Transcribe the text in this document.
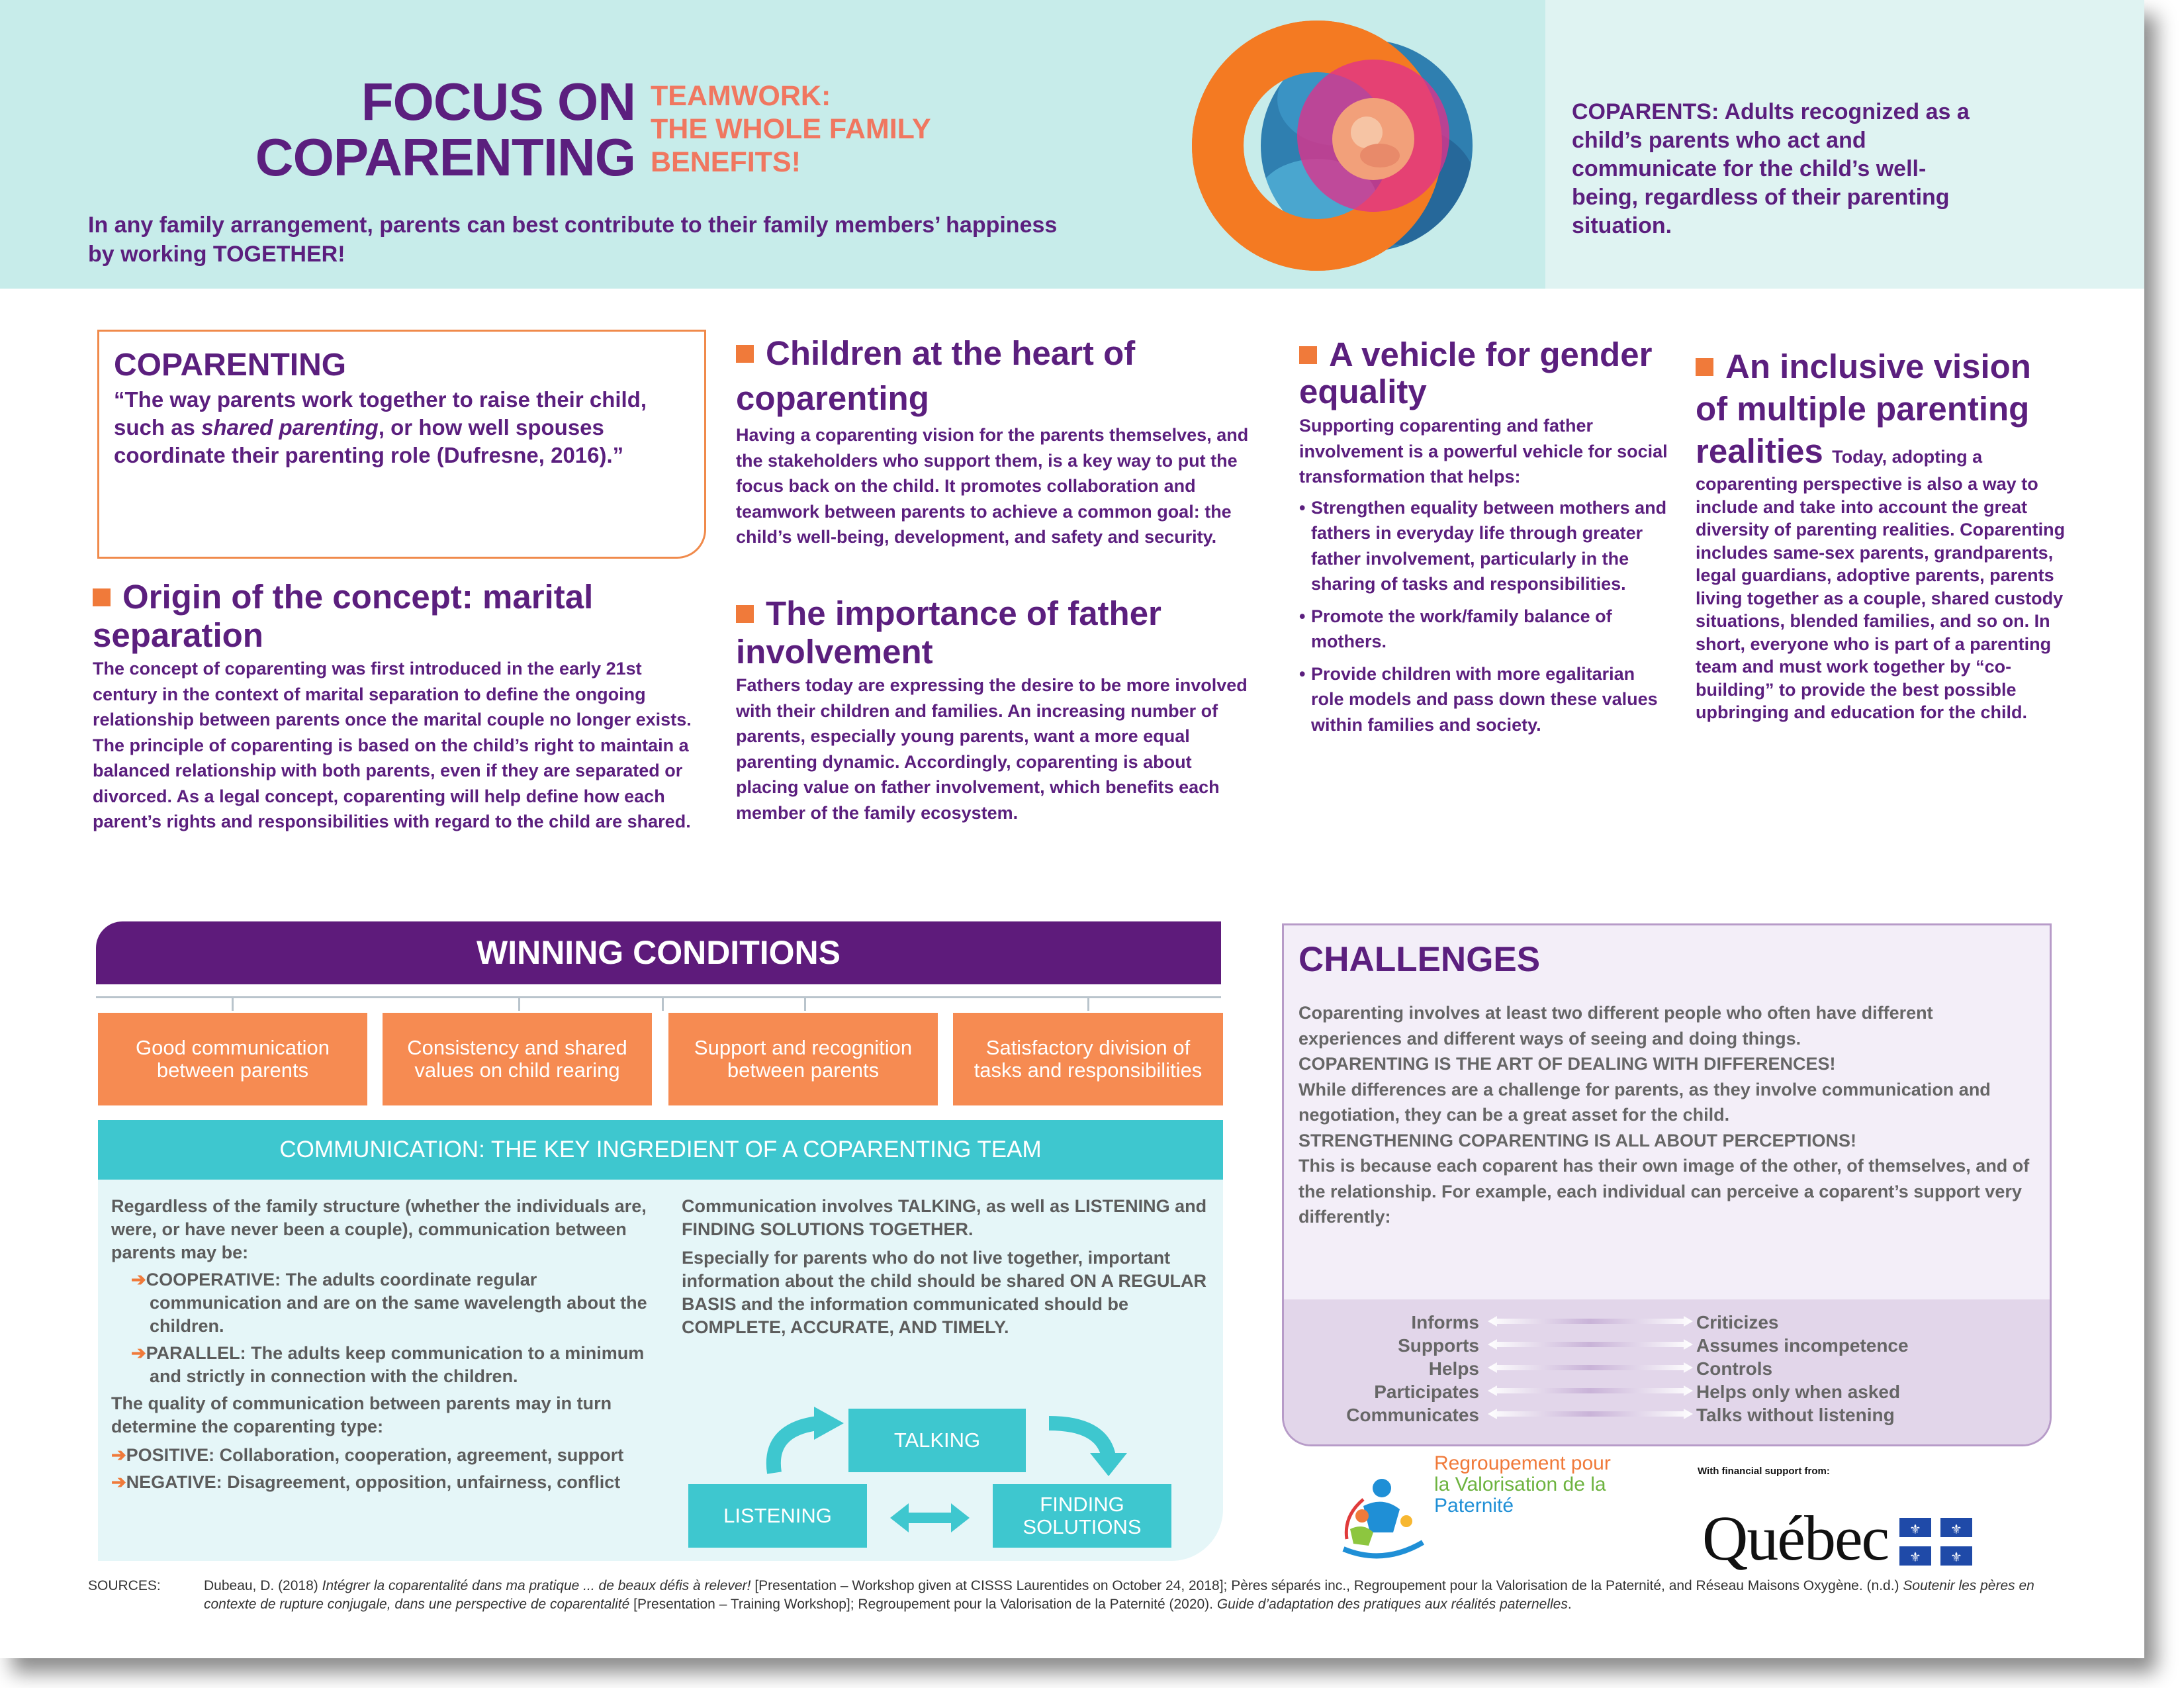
FOCUS ON
COPARENTING
TEAMWORK:
THE WHOLE FAMILY
BENEFITS!
In any family arrangement, parents can best contribute to their family members’ happiness by working TOGETHER!
COPARENTS: Adults recognized as a child’s parents who act and communicate for the child’s well-being, regardless of their parenting situation.
COPARENTING
“The way parents work together to raise their child, such as shared parenting, or how well spouses coordinate their parenting role (Dufresne, 2016).”
Origin of the concept: marital separation
The concept of coparenting was first introduced in the early 21st century in the context of marital separation to define the ongoing relationship between parents once the marital couple no longer exists. The principle of coparenting is based on the child’s right to maintain a balanced relationship with both parents, even if they are separated or divorced. As a legal concept, coparenting will help define how each parent’s rights and responsibilities with regard to the child are shared.
Children at the heart of coparenting
Having a coparenting vision for the parents themselves, and the stakeholders who support them, is a key way to put the focus back on the child. It promotes collaboration and teamwork between parents to achieve a common goal: the child’s well-being, development, and safety and security.
The importance of father involvement
Fathers today are expressing the desire to be more involved with their children and families. An increasing number of parents, especially young parents, want a more equal parenting dynamic. Accordingly, coparenting is about placing value on father involvement, which benefits each member of the family ecosystem.
A vehicle for gender equality
Supporting coparenting and father involvement is a powerful vehicle for social transformation that helps:
• Strengthen equality between mothers and fathers in everyday life through greater father involvement, particularly in the sharing of tasks and responsibilities.
• Promote the work/family balance of mothers.
• Provide children with more egalitarian role models and pass down these values within families and society.
An inclusive vision of multiple parenting realities Today, adopting a coparenting perspective is also a way to include and take into account the great diversity of parenting realities. Coparenting includes same-sex parents, grandparents, legal guardians, adoptive parents, parents living together as a couple, shared custody situations, blended families, and so on. In short, everyone who is part of a parenting team and must work together by “co-building” to provide the best possible upbringing and education for the child.
WINNING CONDITIONS
Good communication between parents
Consistency and shared values on child rearing
Support and recognition between parents
Satisfactory division of tasks and responsibilities
COMMUNICATION: THE KEY INGREDIENT OF A COPARENTING TEAM
Regardless of the family structure (whether the individuals are, were, or have never been a couple), communication between parents may be:
➔COOPERATIVE: The adults coordinate regular communication and are on the same wavelength about the children.
➔PARALLEL: The adults keep communication to a minimum and strictly in connection with the children.
The quality of communication between parents may in turn determine the coparenting type:
➔POSITIVE: Collaboration, cooperation, agreement, support
➔NEGATIVE: Disagreement, opposition, unfairness, conflict
Communication involves TALKING, as well as LISTENING and FINDING SOLUTIONS TOGETHER.
Especially for parents who do not live together, important information about the child should be shared ON A REGULAR BASIS and the information communicated should be COMPLETE, ACCURATE, AND TIMELY.
TALKING
LISTENING	FINDING SOLUTIONS
CHALLENGES
Coparenting involves at least two different people who often have different experiences and different ways of seeing and doing things.
COPARENTING IS THE ART OF DEALING WITH DIFFERENCES!
While differences are a challenge for parents, as they involve communication and negotiation, they can be a great asset for the child.
STRENGTHENING COPARENTING IS ALL ABOUT PERCEPTIONS!
This is because each coparent has their own image of the other, of themselves, and of the relationship. For example, each individual can perceive a coparent’s support very differently:
Informs
Supports
Helps
Participates
Communicates
Criticizes
Assumes incompetence
Controls
Helps only when asked
Talks without listening
Regroupement pour
la Valorisation de la
Paternité
With financial support from:
Québec ⚜ ⚜
⚜ ⚜
SOURCES:	Dubeau, D. (2018) Intégrer la coparentalité dans ma pratique ... de beaux défis à relever! [Presentation – Workshop given at CISSS Laurentides on October 24, 2018]; Pères séparés inc., Regroupement pour la Valorisation de la Paternité, and Réseau Maisons Oxygène. (n.d.) Soutenir les pères en contexte de rupture conjugale, dans une perspective de coparentalité [Presentation – Training Workshop]; Regroupement pour la Valorisation de la Paternité (2020). Guide d’adaptation des pratiques aux réalités paternelles.
